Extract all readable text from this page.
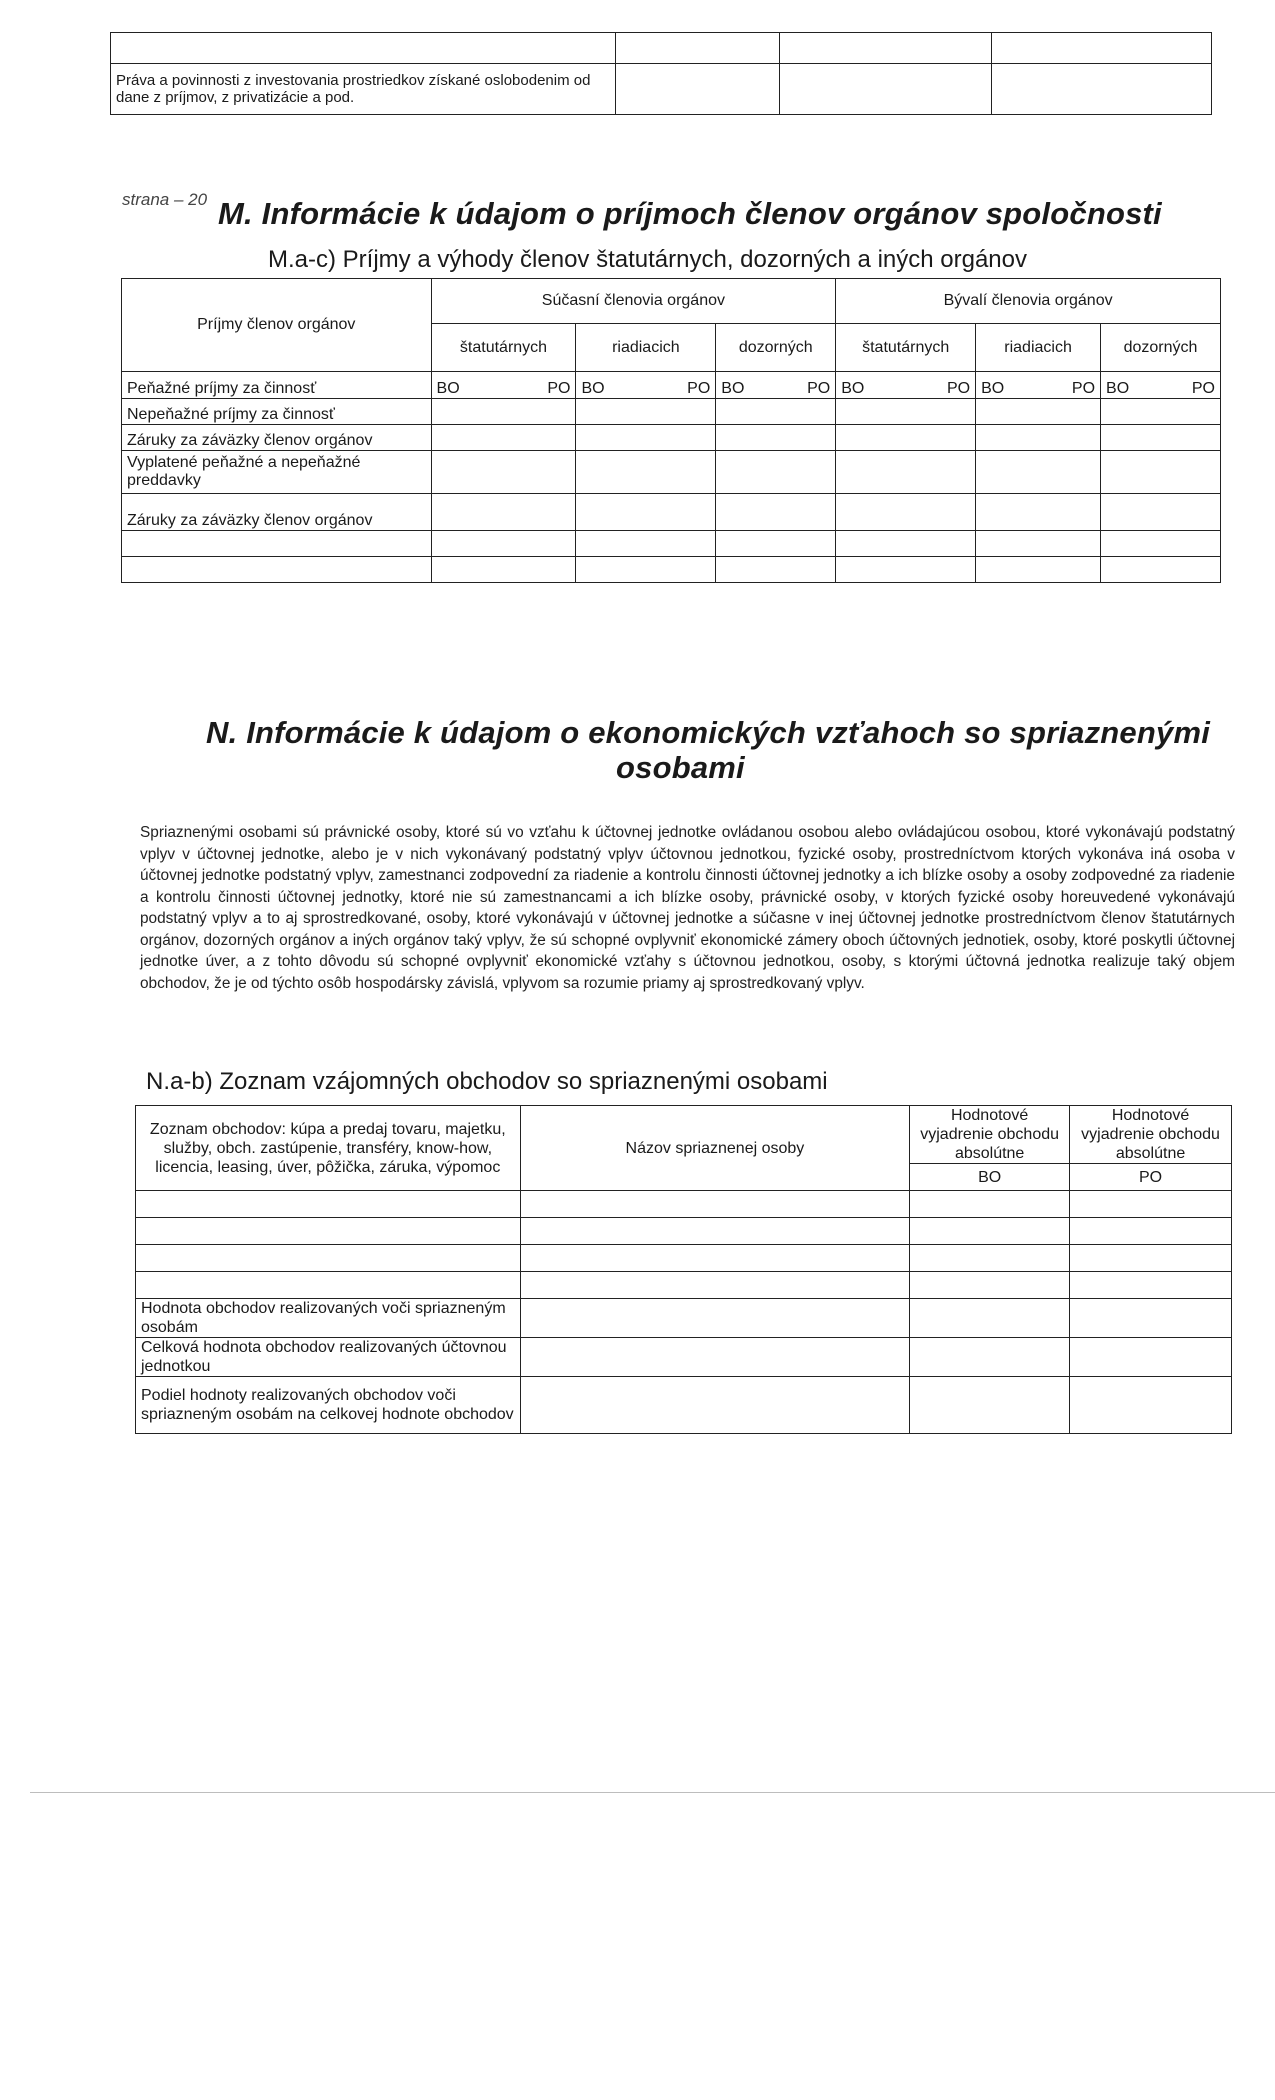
Práva a povinnosti z investovania prostriedkov získané oslobodenim od dane z príjmov, z privatizácie a pod.			
strana – 20 M. Informácie k údajom o príjmoch členov orgánov spoločnosti
M.a-c) Príjmy a výhody členov štatutárnych, dozorných a iných orgánov
Príjmy členov orgánov	Súčasní členovia orgánov			Bývalí členovia orgánov		
	štatutárnych	riadiacich	dozorných	štatutárnych	riadiacich	dozorných
Peňažné príjmy za činnosť	BO PO	BO PO	BO PO	BO PO	BO PO	BO PO

Nepeňažné príjmy za činnosť						
Záruky za záväzky členov orgánov						
Vyplatené peňažné a nepeňažné preddavky						
Záruky za záväzky členov orgánov						

N. Informácie k údajom o ekonomických vzťahoch so spriaznenými
osobami
Spriaznenými osobami sú právnické osoby, ktoré sú vo vzťahu k účtovnej jednotke ovládanou osobou alebo ovládajúcou osobou, ktoré vykonávajú podstatný vplyv v účtovnej jednotke, alebo je v nich vykonávaný podstatný vplyv účtovnou jednotkou, fyzické osoby, prostredníctvom ktorých vykonáva iná osoba v účtovnej jednotke podstatný vplyv, zamestnanci zodpovední za riadenie a kontrolu činnosti účtovnej jednotky a ich blízke osoby a osoby zodpovedné za riadenie a kontrolu činnosti účtovnej jednotky, ktoré nie sú zamestnancami a ich blízke osoby, právnické osoby, v ktorých fyzické osoby horeuvedené vykonávajú podstatný vplyv a to aj sprostredkované, osoby, ktoré vykonávajú v účtovnej jednotke a súčasne v inej účtovnej jednotke prostredníctvom členov štatutárnych orgánov, dozorných orgánov a iných orgánov taký vplyv, že sú schopné ovplyvniť ekonomické zámery oboch účtovných jednotiek, osoby, ktoré poskytli účtovnej jednotke úver, a z tohto dôvodu sú schopné ovplyvniť ekonomické vzťahy s účtovnou jednotkou, osoby, s ktorými účtovná jednotka realizuje taký objem obchodov, že je od týchto osôb hospodársky závislá, vplyvom sa rozumie priamy aj sprostredkovaný vplyv.
N.a-b) Zoznam vzájomných obchodov so spriaznenými osobami
Zoznam obchodov: kúpa a predaj tovaru, majetku, služby, obch. zastúpenie, transféry, know-how, licencia, leasing, úver, pôžička, záruka, výpomoc	Názov spriaznenej osoby	Hodnotové vyjadrenie obchodu absolútne	Hodnotové vyjadrenie obchodu absolútne
		BO	PO

Hodnota obchodov realizovaných voči spriazneným osobám			
Celková hodnota obchodov realizovaných účtovnou jednotkou			
Podiel hodnoty realizovaných obchodov voči spriazneným osobám na celkovej hodnote obchodov			
